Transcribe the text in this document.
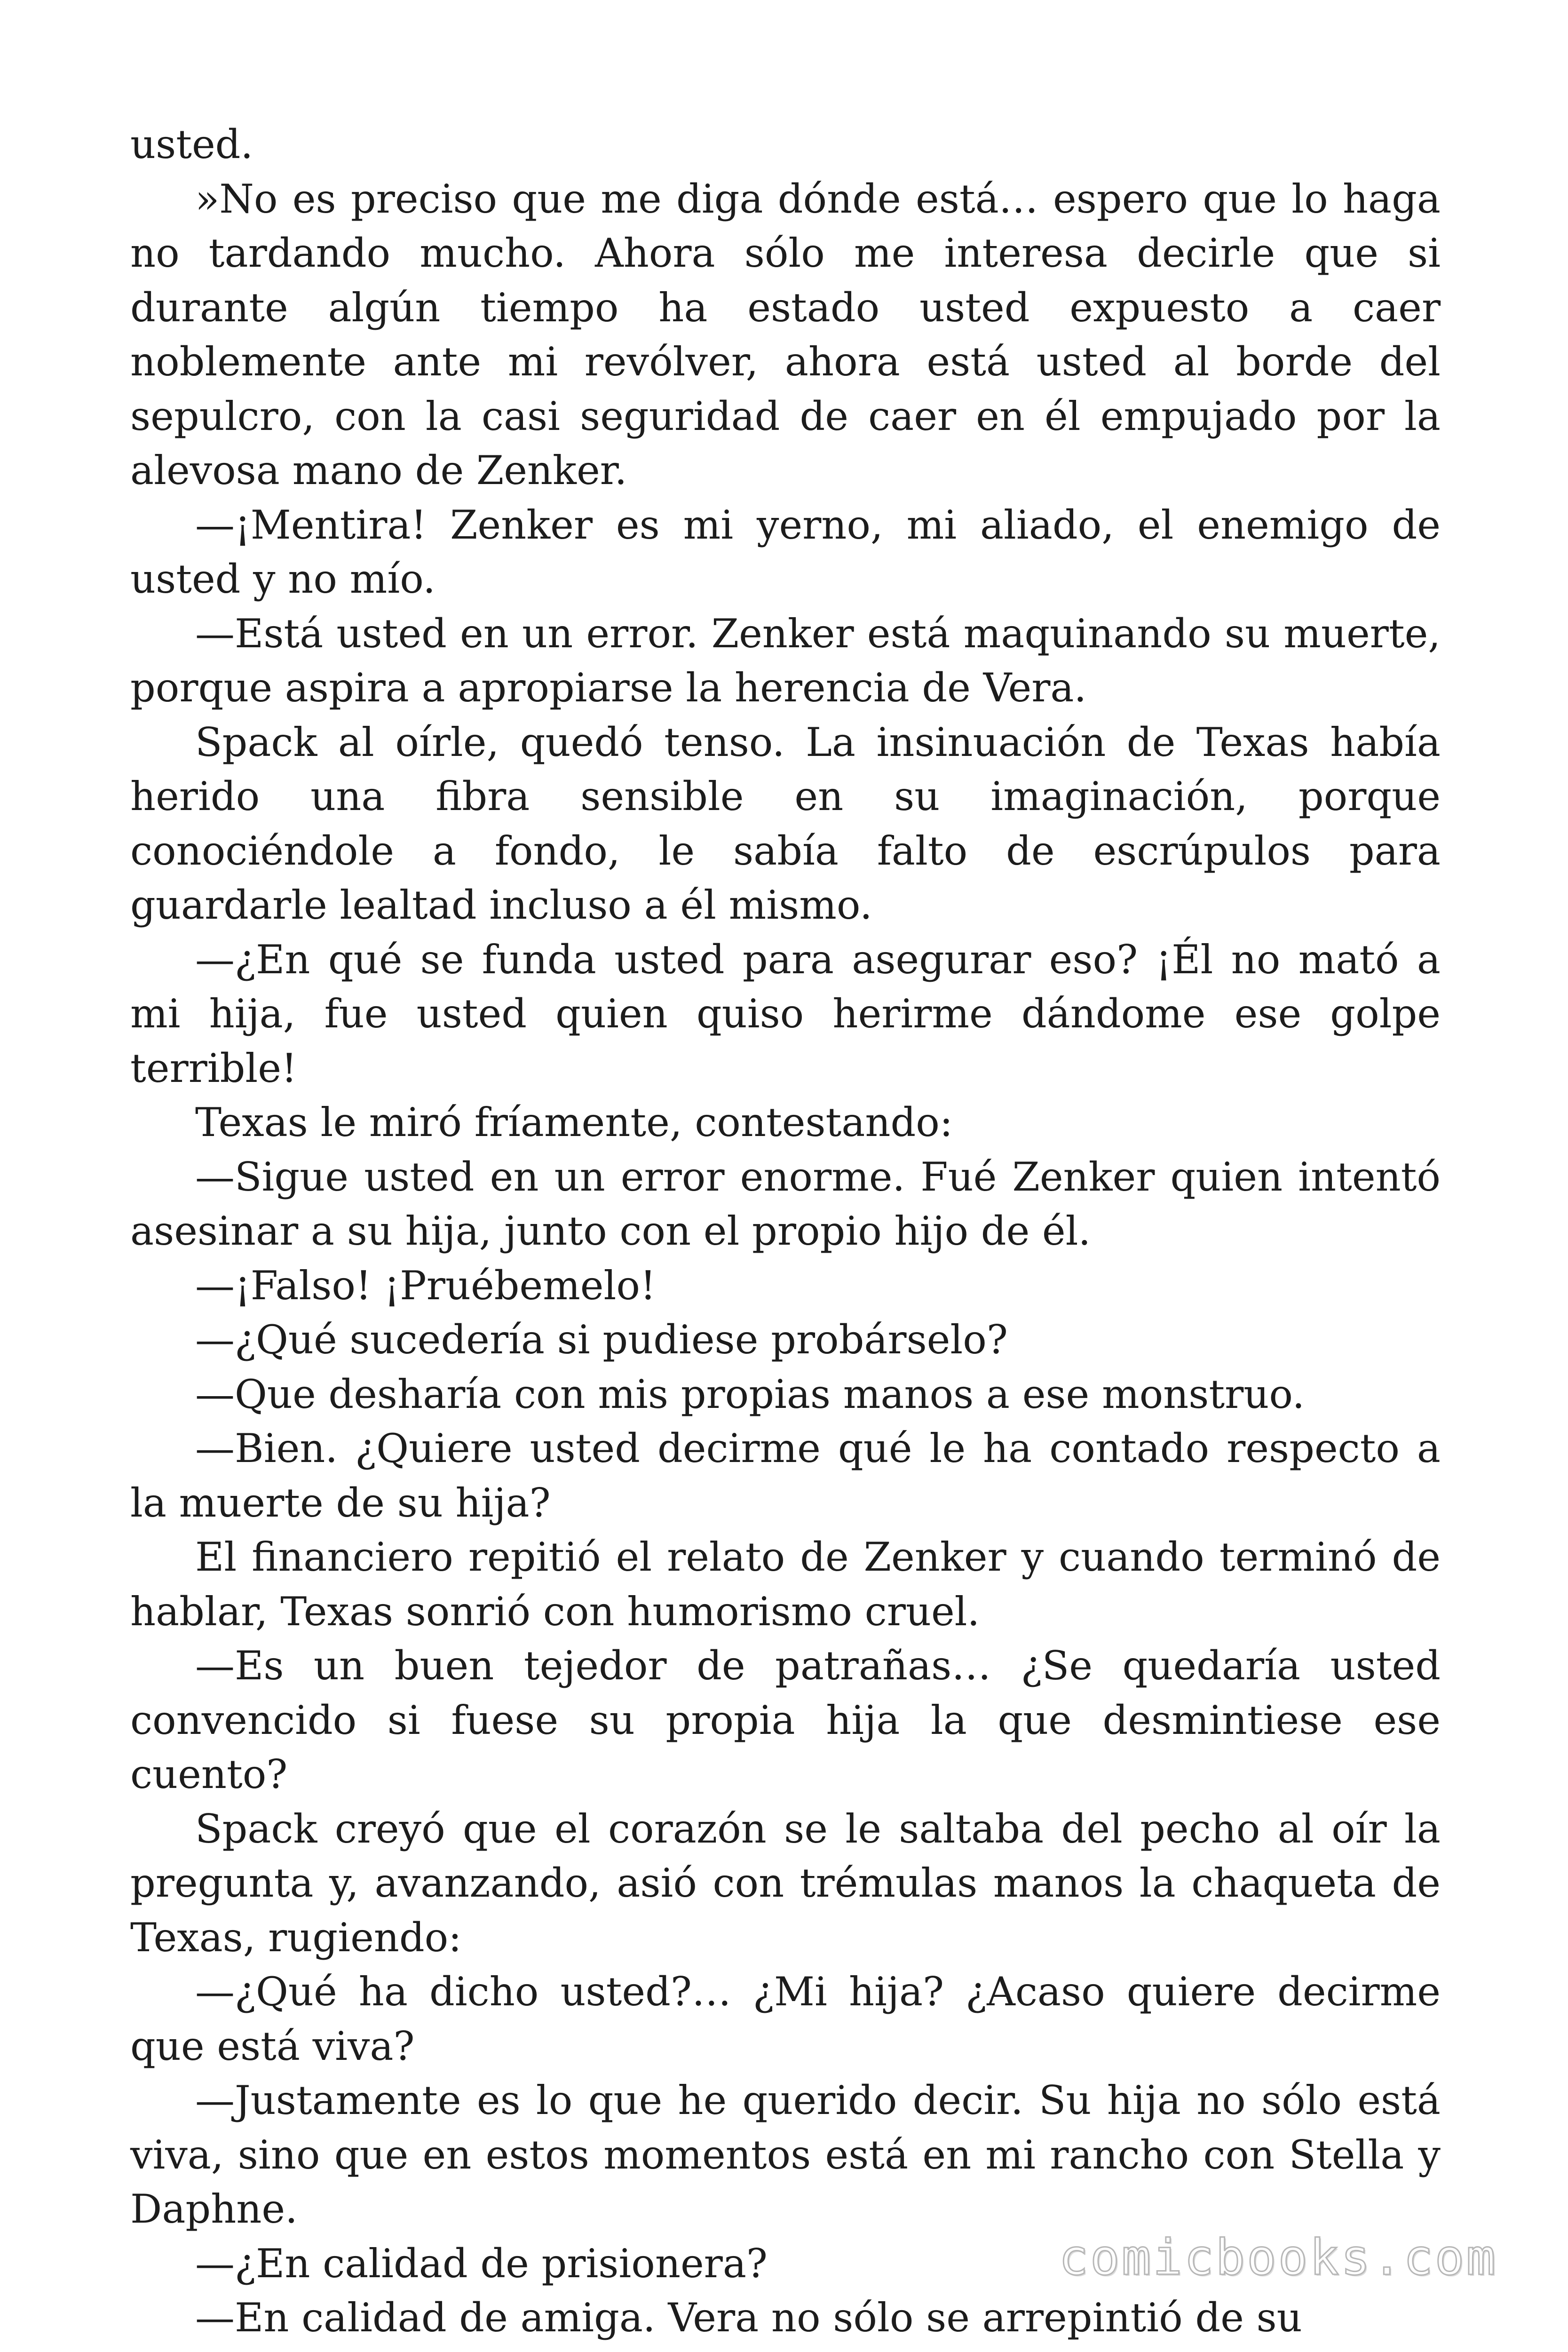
usted.

»No es preciso que me diga dónde está… espero que lo haga no tardando mucho. Ahora sólo me interesa decirle que si durante algún tiempo ha estado usted expuesto a caer noblemente ante mi revólver, ahora está usted al borde del sepulcro, con la casi seguridad de caer en él empujado por la alevosa mano de Zenker.

—¡Mentira! Zenker es mi yerno, mi aliado, el enemigo de usted y no mío.

—Está usted en un error. Zenker está maquinando su muerte, porque aspira a apropiarse la herencia de Vera.

Spack al oírle, quedó tenso. La insinuación de Texas había herido una fibra sensible en su imaginación, porque conociéndole a fondo, le sabía falto de escrúpulos para guardarle lealtad incluso a él mismo.

—¿En qué se funda usted para asegurar eso? ¡Él no mató a mi hija, fue usted quien quiso herirme dándome ese golpe terrible!

Texas le miró fríamente, contestando:

—Sigue usted en un error enorme. Fué Zenker quien intentó asesinar a su hija, junto con el propio hijo de él.

—¡Falso! ¡Pruébemelo!

—¿Qué sucedería si pudiese probárselo?

—Que desharía con mis propias manos a ese monstruo.

—Bien. ¿Quiere usted decirme qué le ha contado respecto a la muerte de su hija?

El financiero repitió el relato de Zenker y cuando terminó de hablar, Texas sonrió con humorismo cruel.

—Es un buen tejedor de patrañas… ¿Se quedaría usted convencido si fuese su propia hija la que desmintiese ese cuento?

Spack creyó que el corazón se le saltaba del pecho al oír la pregunta y, avanzando, asió con trémulas manos la chaqueta de Texas, rugiendo:

—¿Qué ha dicho usted?… ¿Mi hija? ¿Acaso quiere decirme que está viva?

—Justamente es lo que he querido decir. Su hija no sólo está viva, sino que en estos momentos está en mi rancho con Stella y Daphne.

—¿En calidad de prisionera?

—En calidad de amiga. Vera no sólo se arrepintió de su

comicbooks.com
